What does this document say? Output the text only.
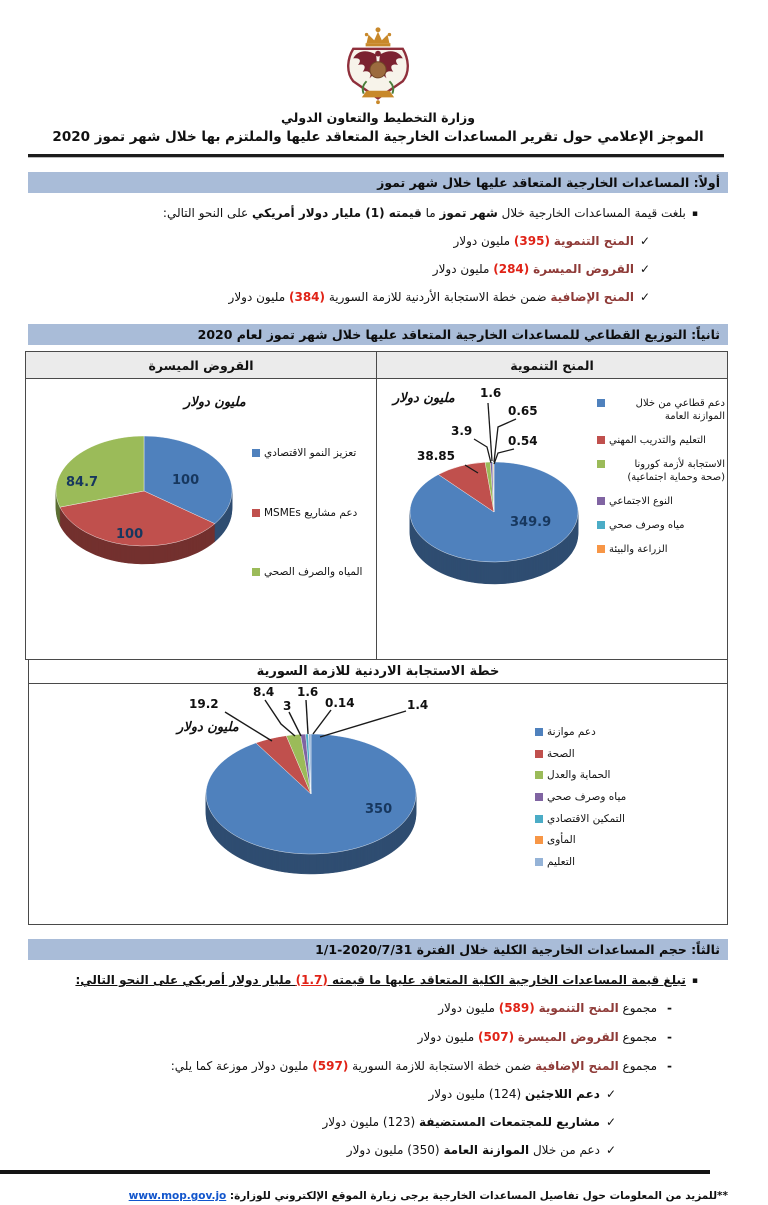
وزارة التخطيط والتعاون الدولي
الموجز الإعلامي حول تقرير المساعدات الخارجية المتعاقد عليها والملتزم بها خلال شهر تموز 2020
أولاً: المساعدات الخارجية المتعاقد عليها خلال شهر تموز
▪بلغت قيمة المساعدات الخارجية خلال شهر تموز ما قيمته (1) مليار دولار أمريكي على النحو التالي:
✓المنح التنموية (395) مليون دولار
✓القروض الميسرة (284) مليون دولار
✓المنح الإضافية ضمن خطة الاستجابة الأردنية للازمة السورية (384) مليون دولار
ثانياً: التوزيع القطاعي للمساعدات الخارجية المتعاقد عليها خلال شهر تموز لعام 2020
المنح التنموية	القروض الميسرة

مليون دولار 1.6
0.65
3.9
0.54
38.85
349.9
دعم قطاعي من خلال الموازنة العامة
التعليم والتدريب المهني
الاستجابة لأزمة كورونا (صحة وحماية اجتماعية)
النوع الاجتماعي
مياه وصرف صحي
الزراعة والبيئة

مليون دولار
100
100
84.7
تعزيز النمو الاقتصادي
دعم مشاريع MSMEs
المياه والصرف الصحي
خطة الاستجابة الاردنية للازمة السورية
مليون دولار
19.2
8.4
3
1.6
0.14	1.4
350
دعم موازنة
الصحة
الحماية والعدل
مياه وصرف صحي
التمكين الاقتصادي
المأوى
التعليم
ثالثاً: حجم المساعدات الخارجية الكلية خلال الفترة 2020/7/31-1/1
▪تبلغ قيمة المساعدات الخارجية الكلية المتعاقد عليها ما قيمته (1.7) مليار دولار أمريكي على النحو التالي:
-مجموع المنح التنموية (589) مليون دولار
-مجموع القروض الميسرة (507) مليون دولار
-مجموع المنح الإضافية ضمن خطة الاستجابة للازمة السورية (597) مليون دولار موزعة كما يلي:
✓دعم اللاجئين (124) مليون دولار
✓مشاريع للمجتمعات المستضيفة (123) مليون دولار
✓دعم من خلال الموازنة العامة (350) مليون دولار
**للمزيد من المعلومات حول تفاصيل المساعدات الخارجية يرجى زيارة الموقع الإلكتروني للوزارة: www.mop.gov.jo
